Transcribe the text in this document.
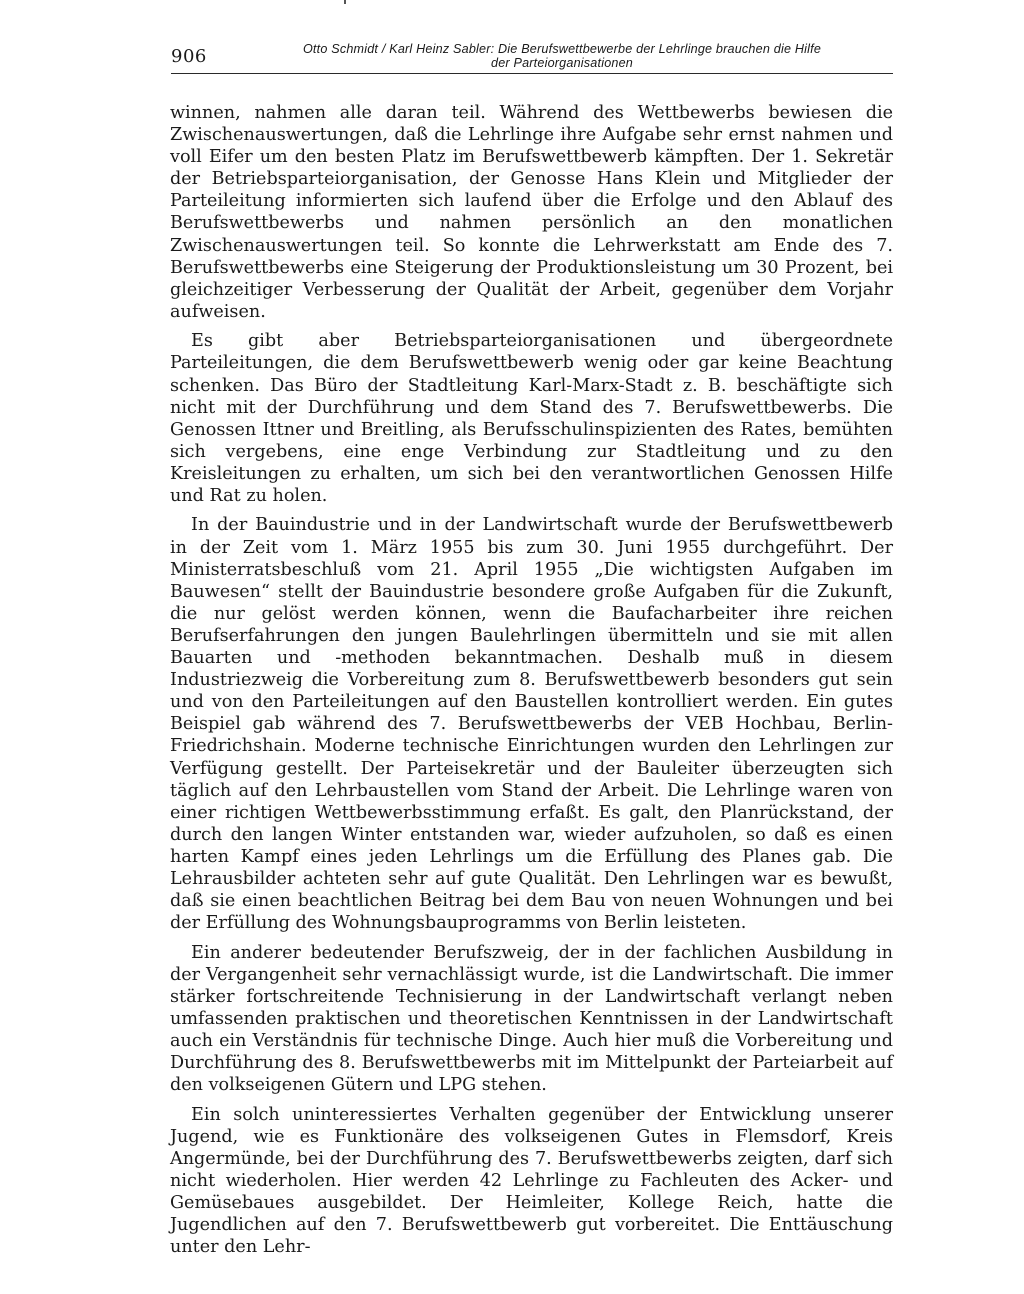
906	Otto Schmidt / Karl Heinz Sabler: Die Berufswettbewerbe der Lehrlinge brauchen die Hilfe
der Parteiorganisationen

winnen, nahmen alle daran teil. Während des Wettbewerbs bewiesen die Zwischenauswertungen, daß die Lehrlinge ihre Aufgabe sehr ernst nahmen und voll Eifer um den besten Platz im Berufswettbewerb kämpften. Der 1. Sekretär der Betriebsparteiorganisation, der Genosse Hans Klein und Mitglieder der Parteileitung informierten sich laufend über die Erfolge und den Ablauf des Berufswettbewerbs und nahmen persönlich an den monatlichen Zwischenauswertungen teil. So konnte die Lehrwerkstatt am Ende des 7. Berufswettbewerbs eine Steigerung der Produktionsleistung um 30 Prozent, bei gleichzeitiger Verbesserung der Qualität der Arbeit, gegenüber dem Vorjahr aufweisen.

Es gibt aber Betriebsparteiorganisationen und übergeordnete Parteileitungen, die dem Berufswettbewerb wenig oder gar keine Beachtung schenken. Das Büro der Stadtleitung Karl-Marx-Stadt z. B. beschäftigte sich nicht mit der Durchführung und dem Stand des 7. Berufswettbewerbs. Die Genossen Ittner und Breitling, als Berufsschulinspizienten des Rates, bemühten sich vergebens, eine enge Verbindung zur Stadtleitung und zu den Kreisleitungen zu erhalten, um sich bei den verantwortlichen Genossen Hilfe und Rat zu holen.

In der Bauindustrie und in der Landwirtschaft wurde der Berufswettbewerb in der Zeit vom 1. März 1955 bis zum 30. Juni 1955 durchgeführt. Der Ministerratsbeschluß vom 21. April 1955 „Die wichtigsten Aufgaben im Bauwesen“ stellt der Bauindustrie besondere große Aufgaben für die Zukunft, die nur gelöst werden können, wenn die Baufacharbeiter ihre reichen Berufserfahrungen den jungen Baulehrlingen übermitteln und sie mit allen Bauarten und -methoden bekanntmachen. Deshalb muß in diesem Industriezweig die Vorbereitung zum 8. Berufswettbewerb besonders gut sein und von den Parteileitungen auf den Baustellen kontrolliert werden. Ein gutes Beispiel gab während des 7. Berufswettbewerbs der VEB Hochbau, Berlin-Friedrichshain. Moderne technische Einrichtungen wurden den Lehrlingen zur Verfügung gestellt. Der Parteisekretär und der Bauleiter überzeugten sich täglich auf den Lehrbaustellen vom Stand der Arbeit. Die Lehrlinge waren von einer richtigen Wettbewerbsstimmung erfaßt. Es galt, den Planrückstand, der durch den langen Winter entstanden war, wieder aufzuholen, so daß es einen harten Kampf eines jeden Lehrlings um die Erfüllung des Planes gab. Die Lehrausbilder achteten sehr auf gute Qualität. Den Lehrlingen war es bewußt, daß sie einen beachtlichen Beitrag bei dem Bau von neuen Wohnungen und bei der Erfüllung des Wohnungsbauprogramms von Berlin leisteten.

Ein anderer bedeutender Berufszweig, der in der fachlichen Ausbildung in der Vergangenheit sehr vernachlässigt wurde, ist die Landwirtschaft. Die immer stärker fortschreitende Technisierung in der Landwirtschaft verlangt neben umfassenden praktischen und theoretischen Kenntnissen in der Landwirtschaft auch ein Verständnis für technische Dinge. Auch hier muß die Vorbereitung und Durchführung des 8. Berufswettbewerbs mit im Mittelpunkt der Parteiarbeit auf den volkseigenen Gütern und LPG stehen.

Ein solch uninteressiertes Verhalten gegenüber der Entwicklung unserer Jugend, wie es Funktionäre des volkseigenen Gutes in Flemsdorf, Kreis Angermünde, bei der Durchführung des 7. Berufswettbewerbs zeigten, darf sich nicht wiederholen. Hier werden 42 Lehrlinge zu Fachleuten des Acker- und Gemüsebaues ausgebildet. Der Heimleiter, Kollege Reich, hatte die Jugendlichen auf den 7. Berufswettbewerb gut vorbereitet. Die Enttäuschung unter den Lehr-
